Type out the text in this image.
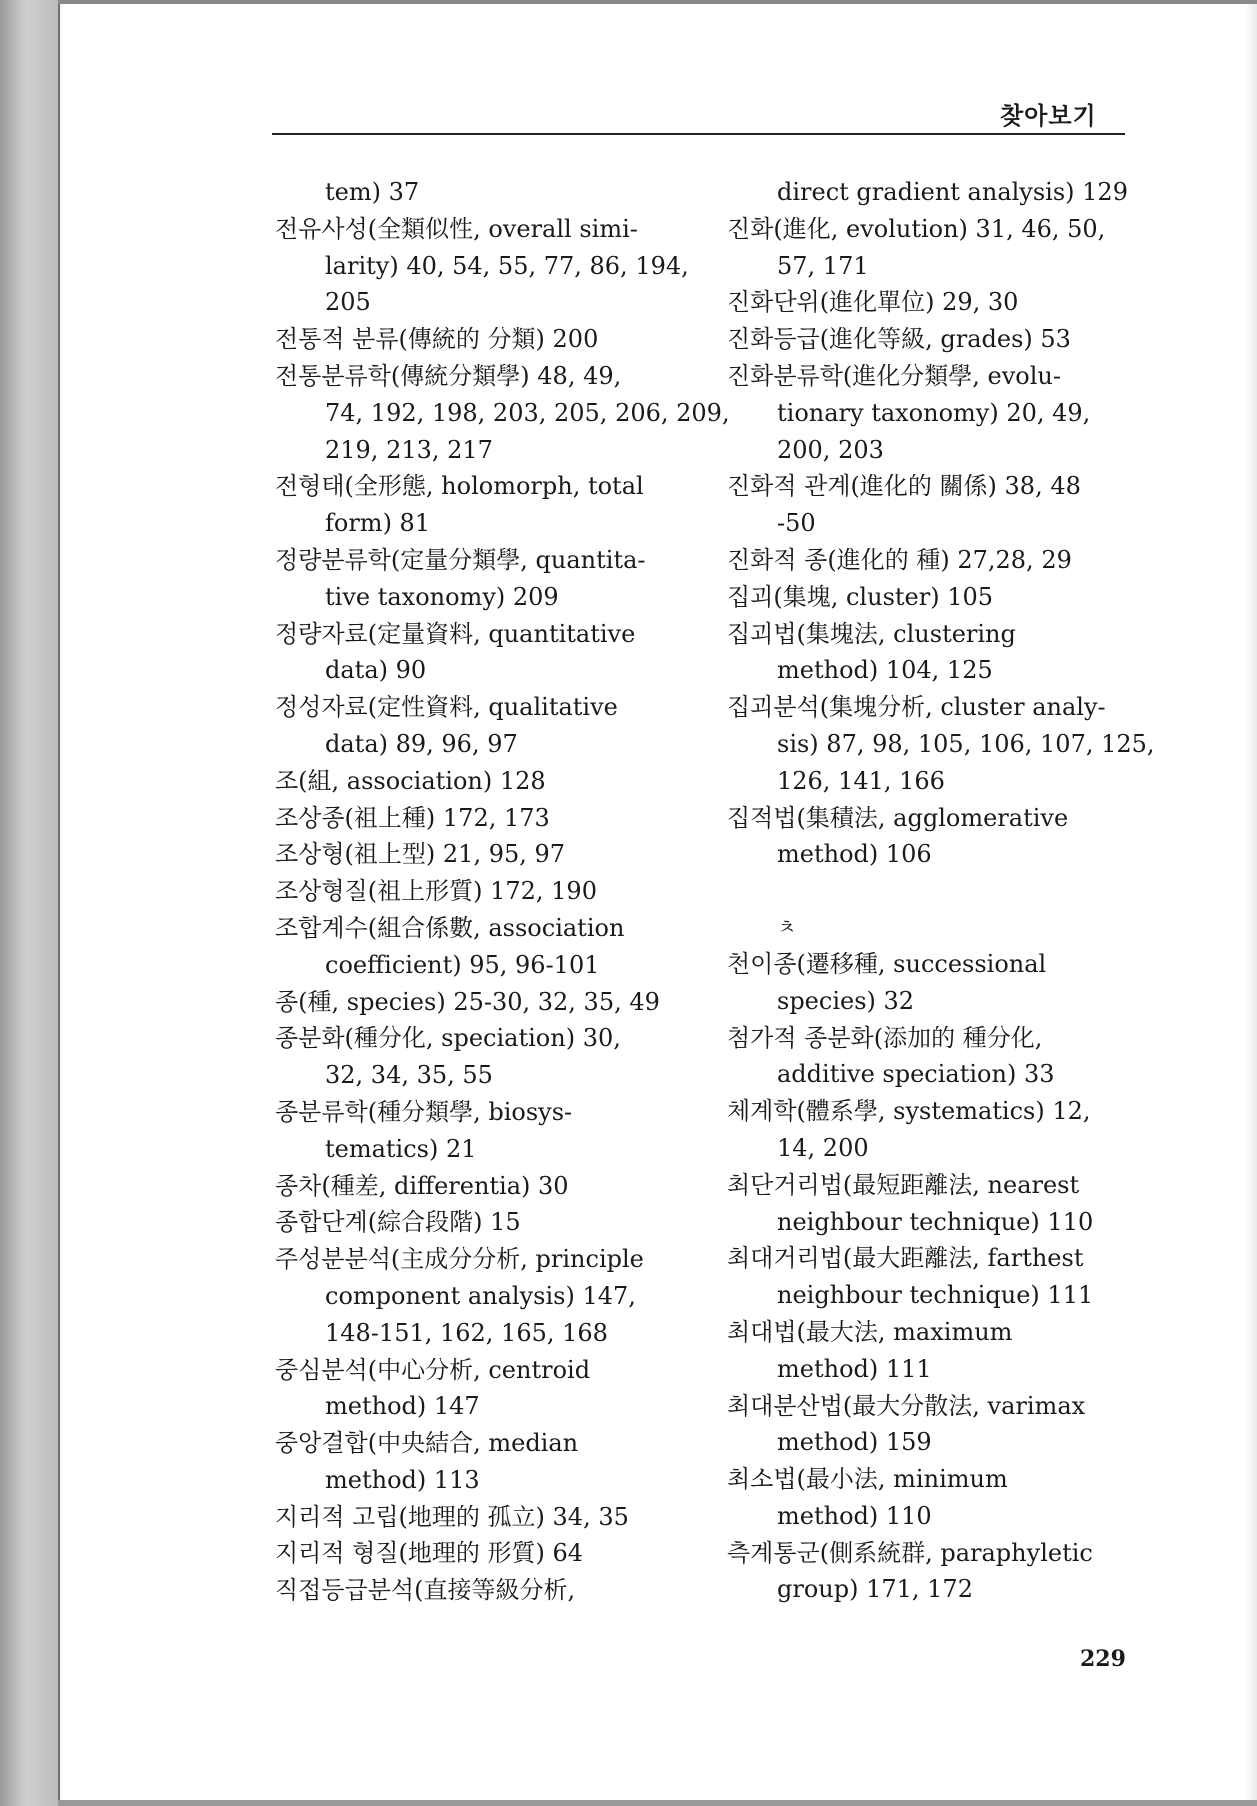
찾아보기
tem) 37
전유사성(全類似性, overall simi-
larity) 40, 54, 55, 77, 86, 194,
205
전통적 분류(傳統的 分類) 200
전통분류학(傳統分類學) 48, 49,
74, 192, 198, 203, 205, 206, 209,
219, 213, 217
전형태(全形態, holomorph, total
form) 81
정량분류학(定量分類學, quantita-
tive taxonomy) 209
정량자료(定量資料, quantitative
data) 90
정성자료(定性資料, qualitative
data) 89, 96, 97
조(組, association) 128
조상종(祖上種) 172, 173
조상형(祖上型) 21, 95, 97
조상형질(祖上形質) 172, 190
조합계수(組合係數, association
coefficient) 95, 96-101
종(種, species) 25-30, 32, 35, 49
종분화(種分化, speciation) 30,
32, 34, 35, 55
종분류학(種分類學, biosys-
tematics) 21
종차(種差, differentia) 30
종합단계(綜合段階) 15
주성분분석(主成分分析, principle
component analysis) 147,
148-151, 162, 165, 168
중심분석(中心分析, centroid
method) 147
중앙결합(中央結合, median
method) 113
지리적 고립(地理的 孤立) 34, 35
지리적 형질(地理的 形質) 64
직접등급분석(直接等級分析,
direct gradient analysis) 129
진화(進化, evolution) 31, 46, 50,
57, 171
진화단위(進化單位) 29, 30
진화등급(進化等級, grades) 53
진화분류학(進化分類學, evolu-
tionary taxonomy) 20, 49,
200, 203
진화적 관계(進化的 關係) 38, 48
-50
진화적 종(進化的 種) 27,28, 29
집괴(集塊, cluster) 105
집괴법(集塊法, clustering
method) 104, 125
집괴분석(集塊分析, cluster analy-
sis) 87, 98, 105, 106, 107, 125,
126, 141, 166
집적법(集積法, agglomerative
method) 106
ㅊ
천이종(遷移種, successional
species) 32
첨가적 종분화(添加的 種分化,
additive speciation) 33
체계학(體系學, systematics) 12,
14, 200
최단거리법(最短距離法, nearest
neighbour technique) 110
최대거리법(最大距離法, farthest
neighbour technique) 111
최대법(最大法, maximum
method) 111
최대분산법(最大分散法, varimax
method) 159
최소법(最小法, minimum
method) 110
측계통군(側系統群, paraphyletic
group) 171, 172
229
